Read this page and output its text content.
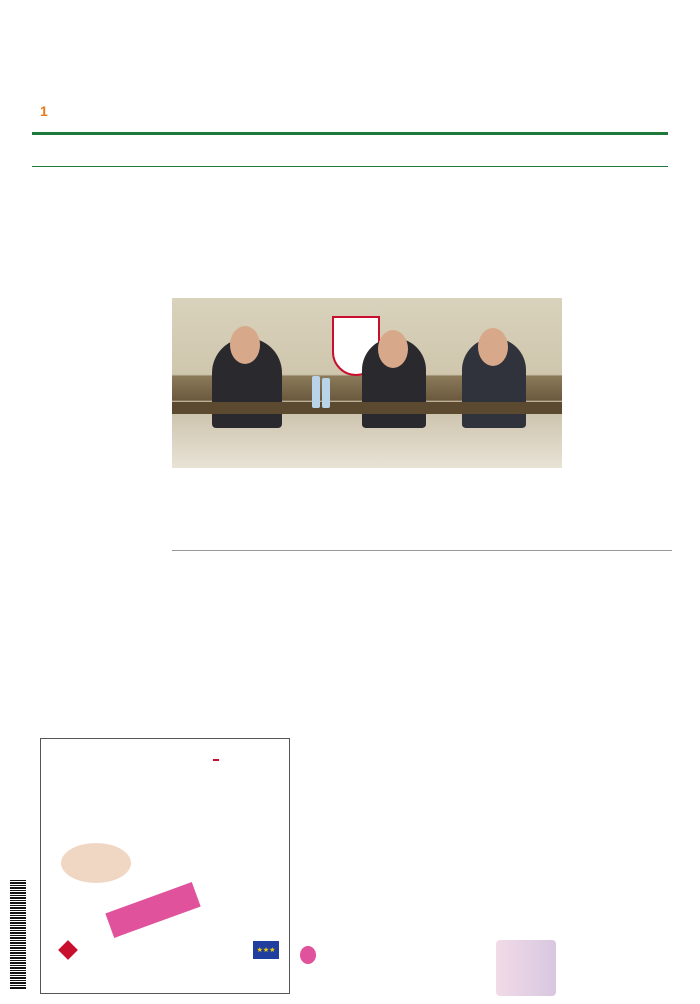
1

★★★
